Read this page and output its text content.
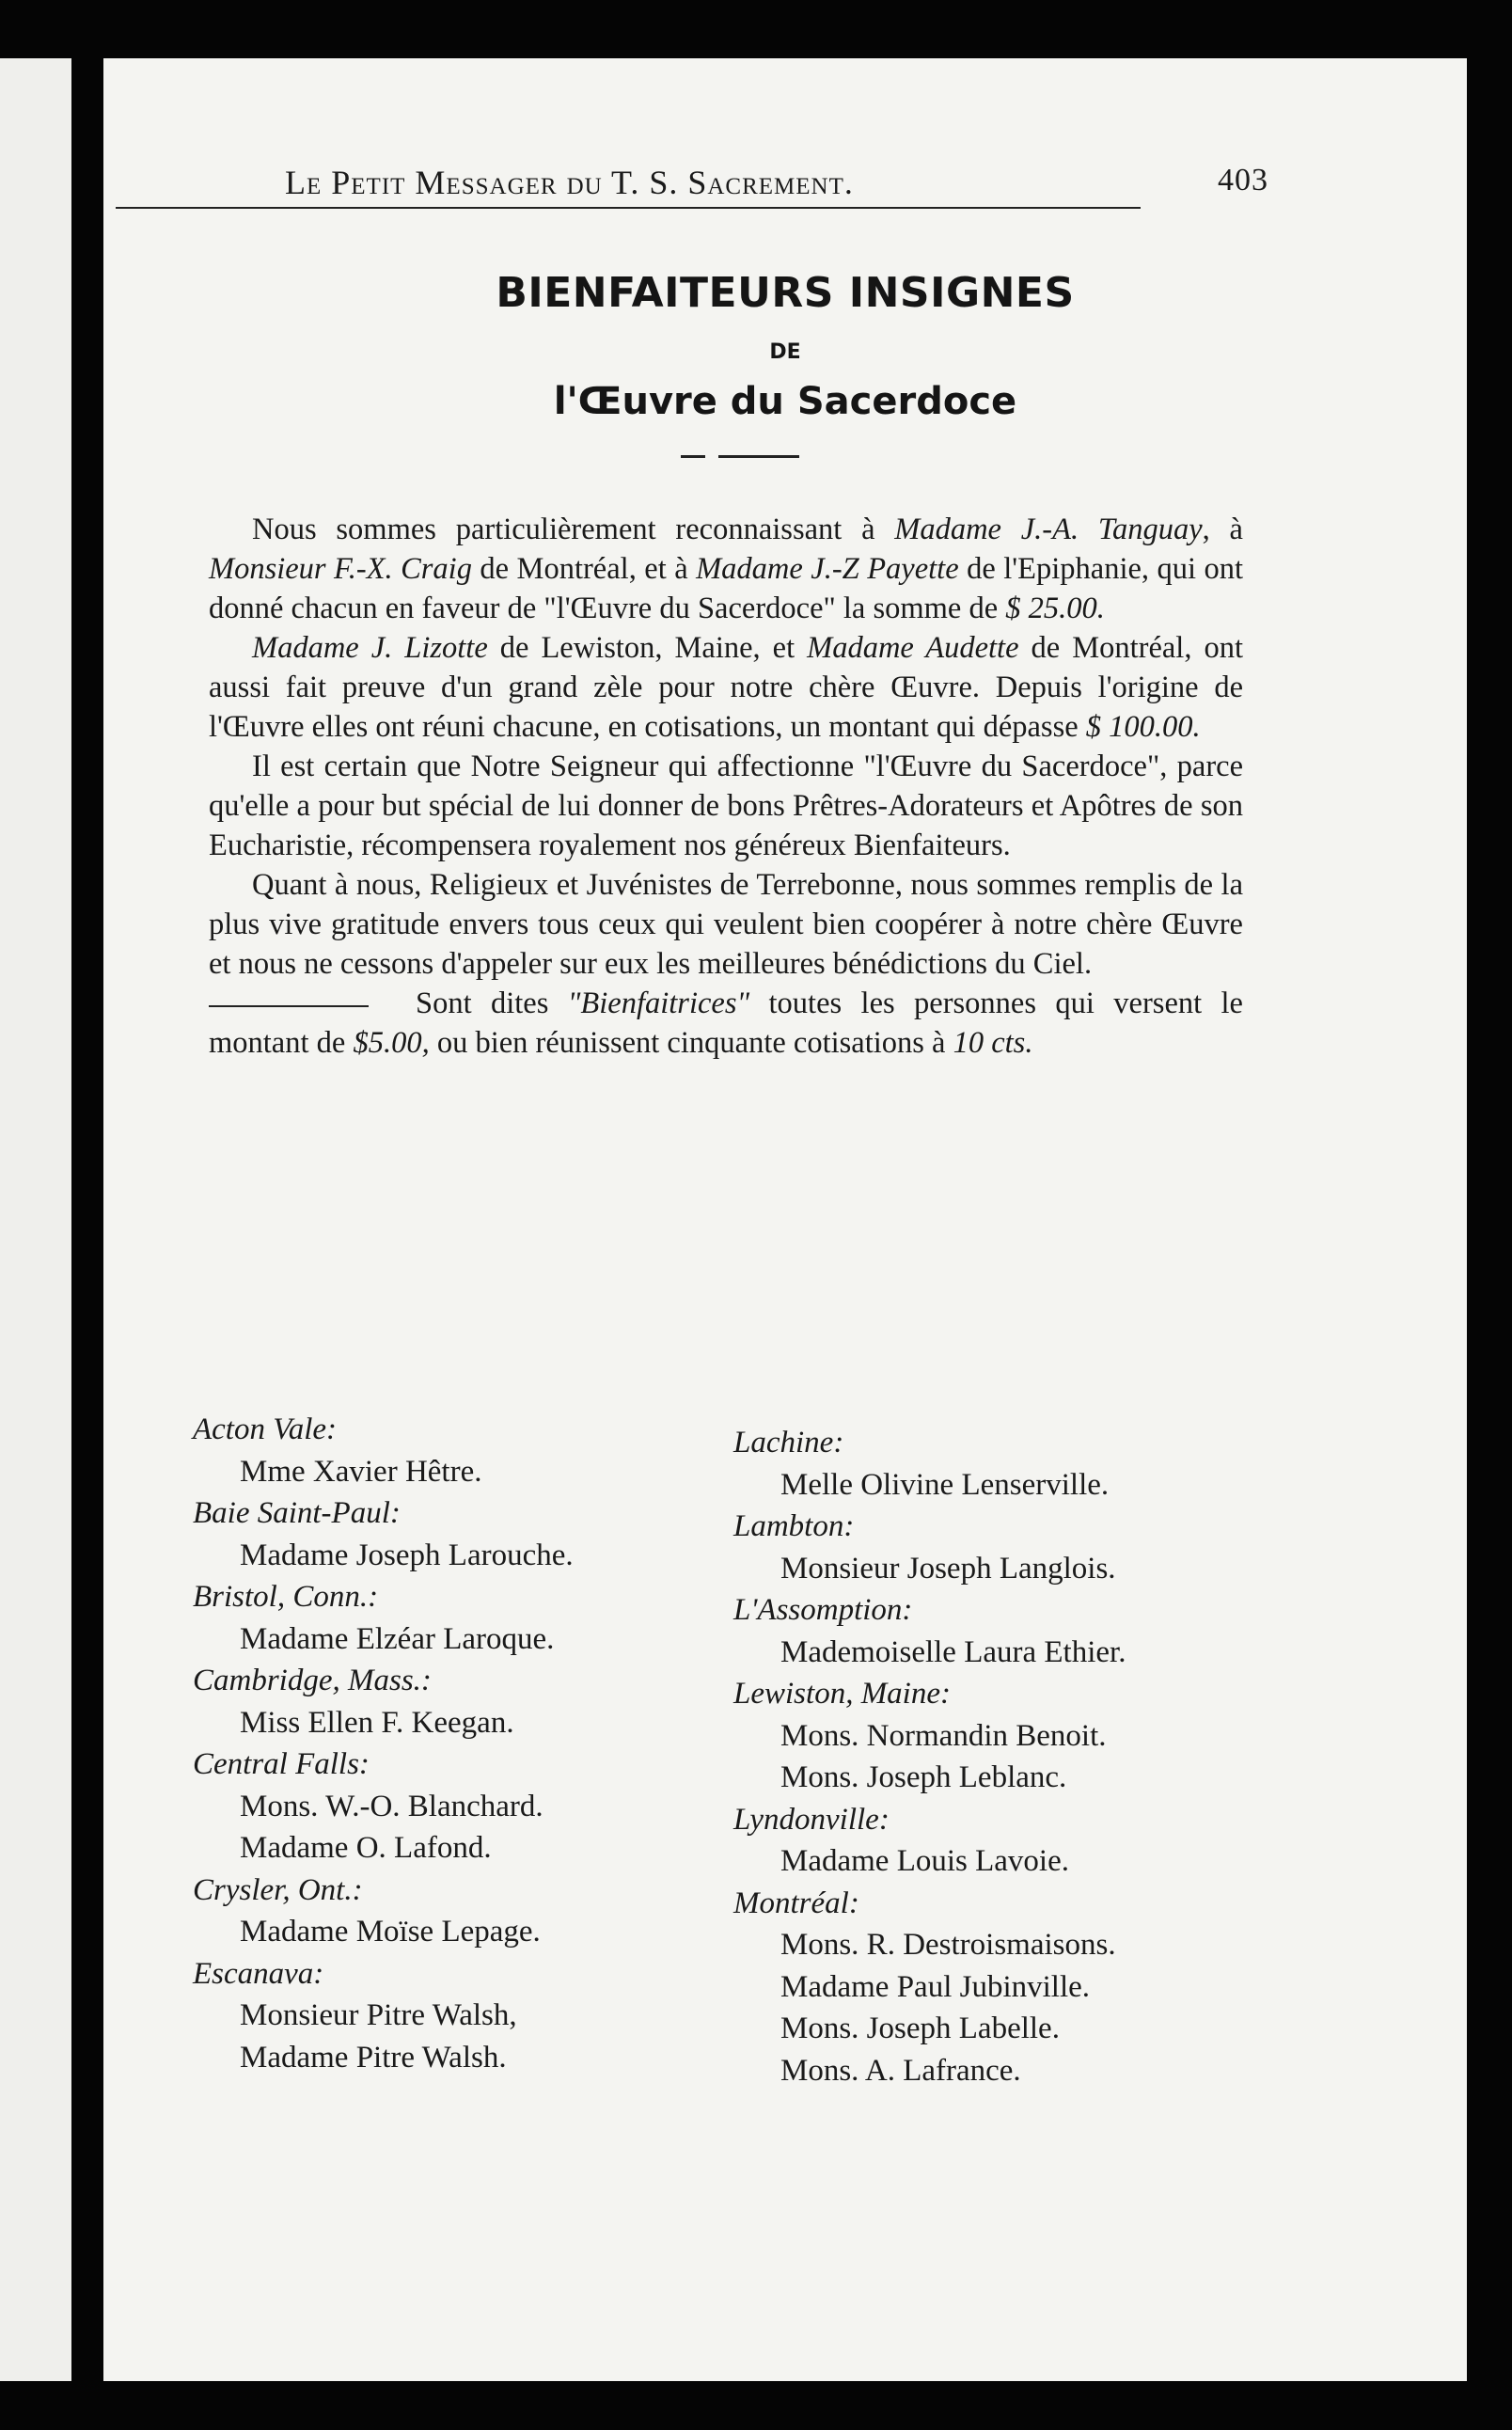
Le Petit Messager du T. S. Sacrement.	403
BIENFAITEURS INSIGNES
DE
l'Œuvre du Sacerdoce

Nous sommes particulièrement reconnaissant à Madame J.-A. Tanguay, à Monsieur F.-X. Craig de Montréal, et à Madame J.-Z Payette de l'Epiphanie, qui ont donné chacun en faveur de "l'Œuvre du Sacerdoce" la somme de $ 25.00.

Madame J. Lizotte de Lewiston, Maine, et Madame Audette de Montréal, ont aussi fait preuve d'un grand zèle pour notre chère Œuvre. Depuis l'origine de l'Œuvre elles ont réuni chacune, en cotisations, un montant qui dépasse $ 100.00.

Il est certain que Notre Seigneur qui affectionne "l'Œuvre du Sacerdoce", parce qu'elle a pour but spécial de lui donner de bons Prêtres-Adorateurs et Apôtres de son Eucharistie, récompensera royalement nos généreux Bienfaiteurs.

Quant à nous, Religieux et Juvénistes de Terrebonne, nous sommes remplis de la plus vive gratitude envers tous ceux qui veulent bien coopérer à notre chère Œuvre et nous ne cessons d'appeler sur eux les meilleures bénédictions du Ciel.

Sont dites "Bienfaitrices" toutes les personnes qui versent le montant de $5.00, ou bien réunissent cinquante cotisations à 10 cts.

Acton Vale:
Mme Xavier Hêtre.
Baie Saint-Paul:
Madame Joseph Larouche.
Bristol, Conn.:
Madame Elzéar Laroque.
Cambridge, Mass.:
Miss Ellen F. Keegan.
Central Falls:
Mons. W.-O. Blanchard.
Madame O. Lafond.
Crysler, Ont.:
Madame Moïse Lepage.
Escanava:
Monsieur Pitre Walsh,
Madame Pitre Walsh.
Lachine:
Melle Olivine Lenserville.
Lambton:
Monsieur Joseph Langlois.
L'Assomption:
Mademoiselle Laura Ethier.
Lewiston, Maine:
Mons. Normandin Benoit.
Mons. Joseph Leblanc.
Lyndonville:
Madame Louis Lavoie.
Montréal:
Mons. R. Destroismaisons.
Madame Paul Jubinville.
Mons. Joseph Labelle.
Mons. A. Lafrance.
